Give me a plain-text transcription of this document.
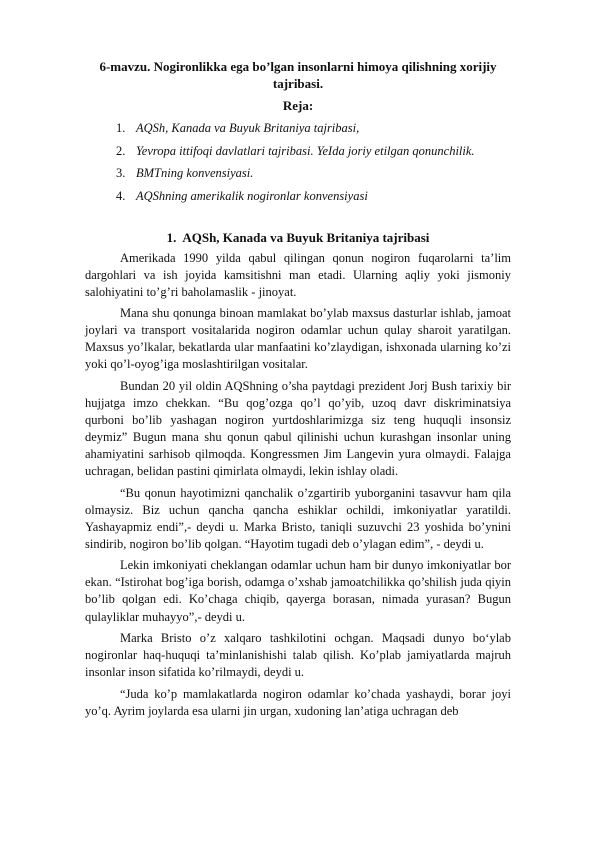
6-mavzu. Nogironlikka ega bo’lgan insonlarni himoya qilishning xorijiy tajribasi.
Reja:
1. AQSh, Kanada va Buyuk Britaniya tajribasi,
2. Yevropa ittifoqi davlatlari tajribasi. YeIda joriy etilgan qonunchilik.
3. BMTning konvensiyasi.
4. AQShning amerikalik nogironlar konvensiyasi
1. AQSh, Kanada va Buyuk Britaniya tajribasi

Amerikada 1990 yilda qabul qilingan qonun nogiron fuqarolarni ta’lim dargohlari va ish joyida kamsitishni man etadi. Ularning aqliy yoki jismoniy salohiyatini to’g’ri baholamaslik - jinoyat.

Mana shu qonunga binoan mamlakat bo’ylab maxsus dasturlar ishlab, jamoat joylari va transport vositalarida nogiron odamlar uchun qulay sharoit yaratilgan. Maxsus yo’lkalar, bekatlarda ular manfaatini ko’zlaydigan, ishxonada ularning ko’zi yoki qo’l-oyog’iga moslashtirilgan vositalar.

Bundan 20 yil oldin AQShning o’sha paytdagi prezident Jorj Bush tarixiy bir hujjatga imzo chekkan. “Bu qog’ozga qo’l qo’yib, uzoq davr diskriminatsiya qurboni bo’lib yashagan nogiron yurtdoshlarimizga siz teng huquqli insonsiz deymiz” Bugun mana shu qonun qabul qilinishi uchun kurashgan insonlar uning ahamiyatini sarhisob qilmoqda. Kongressmen Jim Langevin yura olmaydi. Falajga uchragan, belidan pastini qimirlata olmaydi, lekin ishlay oladi.

“Bu qonun hayotimizni qanchalik o’zgartirib yuborganini tasavvur ham qila olmaysiz. Biz uchun qancha qancha eshiklar ochildi, imkoniyatlar yaratildi. Yashayapmiz endi”,- deydi u. Marka Bristo, taniqli suzuvchi 23 yoshida bo’ynini sindirib, nogiron bo’lib qolgan. “Hayotim tugadi deb o’ylagan edim”, - deydi u.

Lekin imkoniyati cheklangan odamlar uchun ham bir dunyo imkoniyatlar bor ekan. “Istirohat bog’iga borish, odamga o’xshab jamoatchilikka qo’shilish juda qiyin bo’lib qolgan edi. Ko’chaga chiqib, qayerga borasan, nimada yurasan? Bugun qulayliklar muhayyo”,- deydi u.

Marka Bristo o’z xalqaro tashkilotini ochgan. Maqsadi dunyo bo‘ylab nogironlar haq-huquqi ta’minlanishishi talab qilish. Ko’plab jamiyatlarda majruh insonlar inson sifatida ko’rilmaydi, deydi u.

“Juda ko’p mamlakatlarda nogiron odamlar ko’chada yashaydi, borar joyi yo’q. Ayrim joylarda esa ularni jin urgan, xudoning lan’atiga uchragan deb
